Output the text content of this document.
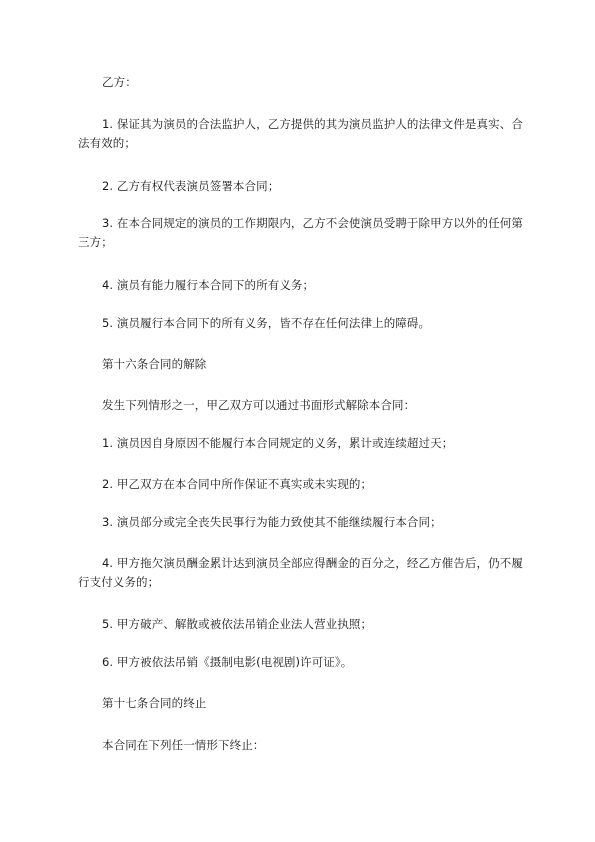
乙方：

1. 保证其为演员的合法监护人，乙方提供的其为演员监护人的法律文件是真实、合法有效的；

2. 乙方有权代表演员签署本合同；

3. 在本合同规定的演员的工作期限内，乙方不会使演员受聘于除甲方以外的任何第三方；

4. 演员有能力履行本合同下的所有义务；

5. 演员履行本合同下的所有义务，皆不存在任何法律上的障碍。

第十六条合同的解除

发生下列情形之一，甲乙双方可以通过书面形式解除本合同：

1. 演员因自身原因不能履行本合同规定的义务，累计或连续超过天；

2. 甲乙双方在本合同中所作保证不真实或未实现的；

3. 演员部分或完全丧失民事行为能力致使其不能继续履行本合同；

4. 甲方拖欠演员酬金累计达到演员全部应得酬金的百分之，经乙方催告后，仍不履行支付义务的；

5. 甲方破产、解散或被依法吊销企业法人营业执照；

6. 甲方被依法吊销《摄制电影(电视剧)许可证》。

第十七条合同的终止

本合同在下列任一情形下终止：
